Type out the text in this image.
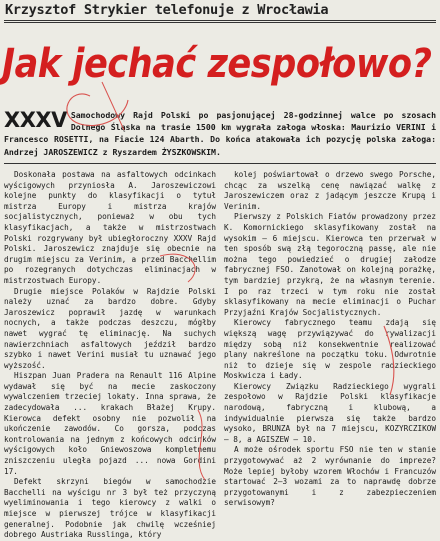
Krzysztof Strykier telefonuje z Wrocławia
Jak jechać zespołowo?
XXXV Samochodowy Rajd Polski po pasjonującej 28-godzinnej walce po szosach Dolnego Śląska na trasie 1500 km wygrała załoga włoska: Maurizio VERINI i Francesco ROSETTI, na Fiacie 124 Abarth. Do końca atakowała ich pozycję polska załoga: Andrzej JAROSZEWICZ z Ryszardem ŻYSZKOWSKIM.

Doskonała postawa na asfaltowych odcinkach wyścigowych przyniosła A. Jaroszewiczowi kolejne punkty do klasyfikacji o tytuł mistrza Europy i mistrza krajów socjalistycznych, ponieważ w obu tych klasyfikacjach, a także w mistrzostwach Polski rozgrywany był ubiegłoroczny XXXV Rajd Polski. Jaroszewicz znajduje się obecnie na drugim miejscu za Verinim, a przed Bacchellim po rozegranych dotychczas eliminacjach w mistrzostwach Europy.

Drugie miejsce Polaków w Rajdzie Polski należy uznać za bardzo dobre. Gdyby Jaroszewicz poprawił jazdę w warunkach nocnych, a także podczas deszczu, mógłby nawet wygrać tę eliminację. Na suchych nawierzchniach asfaltowych jeździł bardzo szybko i nawet Verini musiał tu uznawać jego wyższość.

Hiszpan Juan Pradera na Renault 116 Alpine wydawał się być na mecie zaskoczony wywalczeniem trzeciej lokaty. Inna sprawa, że zadecydowała ... krakach Błażej Krupy. Kierowca defekt osobny nie pozwolił na ukończenie zawodów. Co gorsza, podczas kontrolowania na jednym z końcowych odcinków wyścigowych koło Gniewoszowa kompletnemu zniszczeniu uległa pojazd ... nowa Gordini 17.

Defekt skrzyni biegów w samochodzie Bacchelli na wyścigu nr 3 był też przyczyną wyeliminowania i tego kierowcy z walki o miejsce w pierwszej trójce w klasyfikacji generalnej. Podobnie jak chwilę wcześniej dobrego Austriaka Russlinga, który

kolej poświartował o drzewo swego Porsche, chcąc za wszelką cenę nawiązać walkę z Jaroszewiczem oraz z jadącym jeszcze Krupą i Verinim.

Pierwszy z Polskich Fiatów prowadzony przez K. Komornickiego sklasyfikowany został na wysokim — 6 miejscu. Kierowca ten przerwał w ten sposób swą złą tegoroczną passę, ale nie można tego powiedzieć o drugiej załodze fabrycznej FSO. Zanotował on kolejną porażkę, tym bardziej przykrą, że na własnym terenie. I po raz trzeci w tym roku nie został sklasyfikowany na mecie eliminacji o Puchar Przyjaźni Krajów Socjalistycznych.

Kierowcy fabrycznego teamu zdają się większą wagę przywiązywać do rywalizacji między sobą niż konsekwentnie realizować plany nakreślone na początku toku. Odwrotnie niż to dzieje się w zespole radzieckiego Moskwicza i Łady.

Kierowcy Związku Radzieckiego wygrali zespołowo w Rajdzie Polski klasyfikacje narodową, fabryczną i klubową, a indywidualnie pierwsza się także bardzo wysoko, BRUNZA był na 7 miejscu, KOZYRCZIKOW — 8, a AGISZEW — 10.

A może ośrodek sportu FSO nie ten w stanie przygotowywać aż 2 wyrównanie do impreze? Może lepiej byłoby wzorem Włochów i Francuzów startować 2—3 wozami za to naprawdę dobrze przygotowanymi i z zabezpieczeniem serwisowym?
